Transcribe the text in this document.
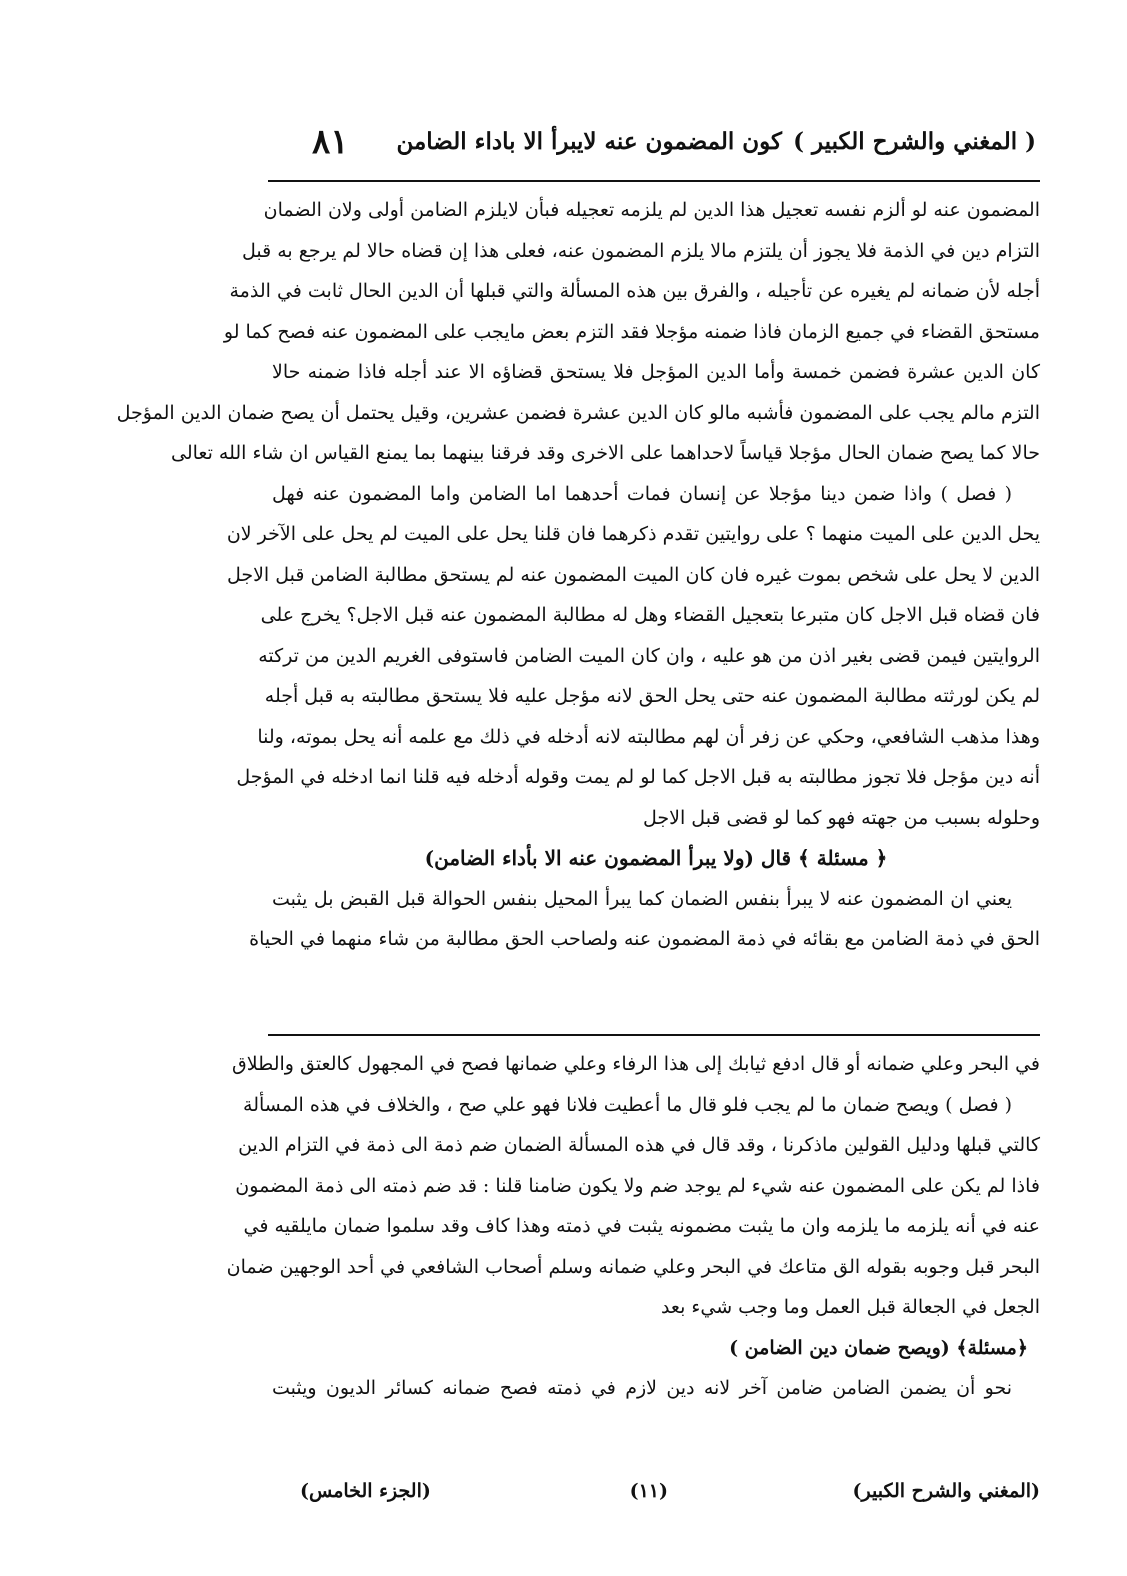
( المغني والشرح الكبير )
كون المضمون عنه لايبرأ الا باداء الضامن
٨١
المضمون عنه لو ألزم نفسه تعجيل هذا الدين لم يلزمه تعجيله فبأن لايلزم الضامن أولى ولان الضمان
التزام دين في الذمة فلا يجوز أن يلتزم مالا يلزم المضمون عنه، فعلى هذا إن قضاه حالا لم يرجع به قبل
أجله لأن ضمانه لم يغيره عن تأجيله ، والفرق بين هذه المسألة والتي قبلها أن الدين الحال ثابت في الذمة
مستحق القضاء في جميع الزمان فاذا ضمنه مؤجلا فقد التزم بعض مايجب على المضمون عنه فصح كما لو
كان الدين عشرة فضمن خمسة وأما الدين المؤجل فلا يستحق قضاؤه الا عند أجله فاذا ضمنه حالا
التزم مالم يجب على المضمون فأشبه مالو كان الدين عشرة فضمن عشرين، وقيل يحتمل أن يصح ضمان الدين المؤجل
حالا كما يصح ضمان الحال مؤجلا قياساً لاحداهما على الاخرى وقد فرقنا بينهما بما يمنع القياس ان شاء الله تعالى
( فصل ) واذا ضمن دينا مؤجلا عن إنسان فمات أحدهما اما الضامن واما المضمون عنه فهل
يحل الدين على الميت منهما ؟ على روايتين تقدم ذكرهما فان قلنا يحل على الميت لم يحل على الآخر لان
الدين لا يحل على شخص بموت غيره فان كان الميت المضمون عنه لم يستحق مطالبة الضامن قبل الاجل
فان قضاه قبل الاجل كان متبرعا بتعجيل القضاء وهل له مطالبة المضمون عنه قبل الاجل؟ يخرج على
الروايتين فيمن قضى بغير اذن من هو عليه ، وان كان الميت الضامن فاستوفى الغريم الدين من تركته
لم يكن لورثته مطالبة المضمون عنه حتى يحل الحق لانه مؤجل عليه فلا يستحق مطالبته به قبل أجله
وهذا مذهب الشافعي، وحكي عن زفر أن لهم مطالبته لانه أدخله في ذلك مع علمه أنه يحل بموته، ولنا
أنه دين مؤجل فلا تجوز مطالبته به قبل الاجل كما لو لم يمت وقوله أدخله فيه قلنا انما ادخله في المؤجل
وحلوله بسبب من جهته فهو كما لو قضى قبل الاجل
﴿ مسئلة ﴾ قال (ولا يبرأ المضمون عنه الا بأداء الضامن)
يعني ان المضمون عنه لا يبرأ بنفس الضمان كما يبرأ المحيل بنفس الحوالة قبل القبض بل يثبت
الحق في ذمة الضامن مع بقائه في ذمة المضمون عنه ولصاحب الحق مطالبة من شاء منهما في الحياة
في البحر وعلي ضمانه أو قال ادفع ثيابك إلى هذا الرفاء وعلي ضمانها فصح في المجهول كالعتق والطلاق
( فصل ) ويصح ضمان ما لم يجب فلو قال ما أعطيت فلانا فهو علي صح ، والخلاف في هذه المسألة
كالتي قبلها ودليل القولين ماذكرنا ، وقد قال في هذه المسألة الضمان ضم ذمة الى ذمة في التزام الدين
فاذا لم يكن على المضمون عنه شيء لم يوجد ضم ولا يكون ضامنا قلنا : قد ضم ذمته الى ذمة المضمون
عنه في أنه يلزمه ما يلزمه وان ما يثبت مضمونه يثبت في ذمته وهذا كاف وقد سلموا ضمان مايلقيه في
البحر قبل وجوبه بقوله الق متاعك في البحر وعلي ضمانه وسلم أصحاب الشافعي في أحد الوجهين ضمان
الجعل في الجعالة قبل العمل وما وجب شيء بعد
﴿مسئلة﴾ (ويصح ضمان دين الضامن )
نحو أن يضمن الضامن ضامن آخر لانه دين لازم في ذمته فصح ضمانه كسائر الديون ويثبت
(المغني والشرح الكبير)
(١١)
(الجزء الخامس)
